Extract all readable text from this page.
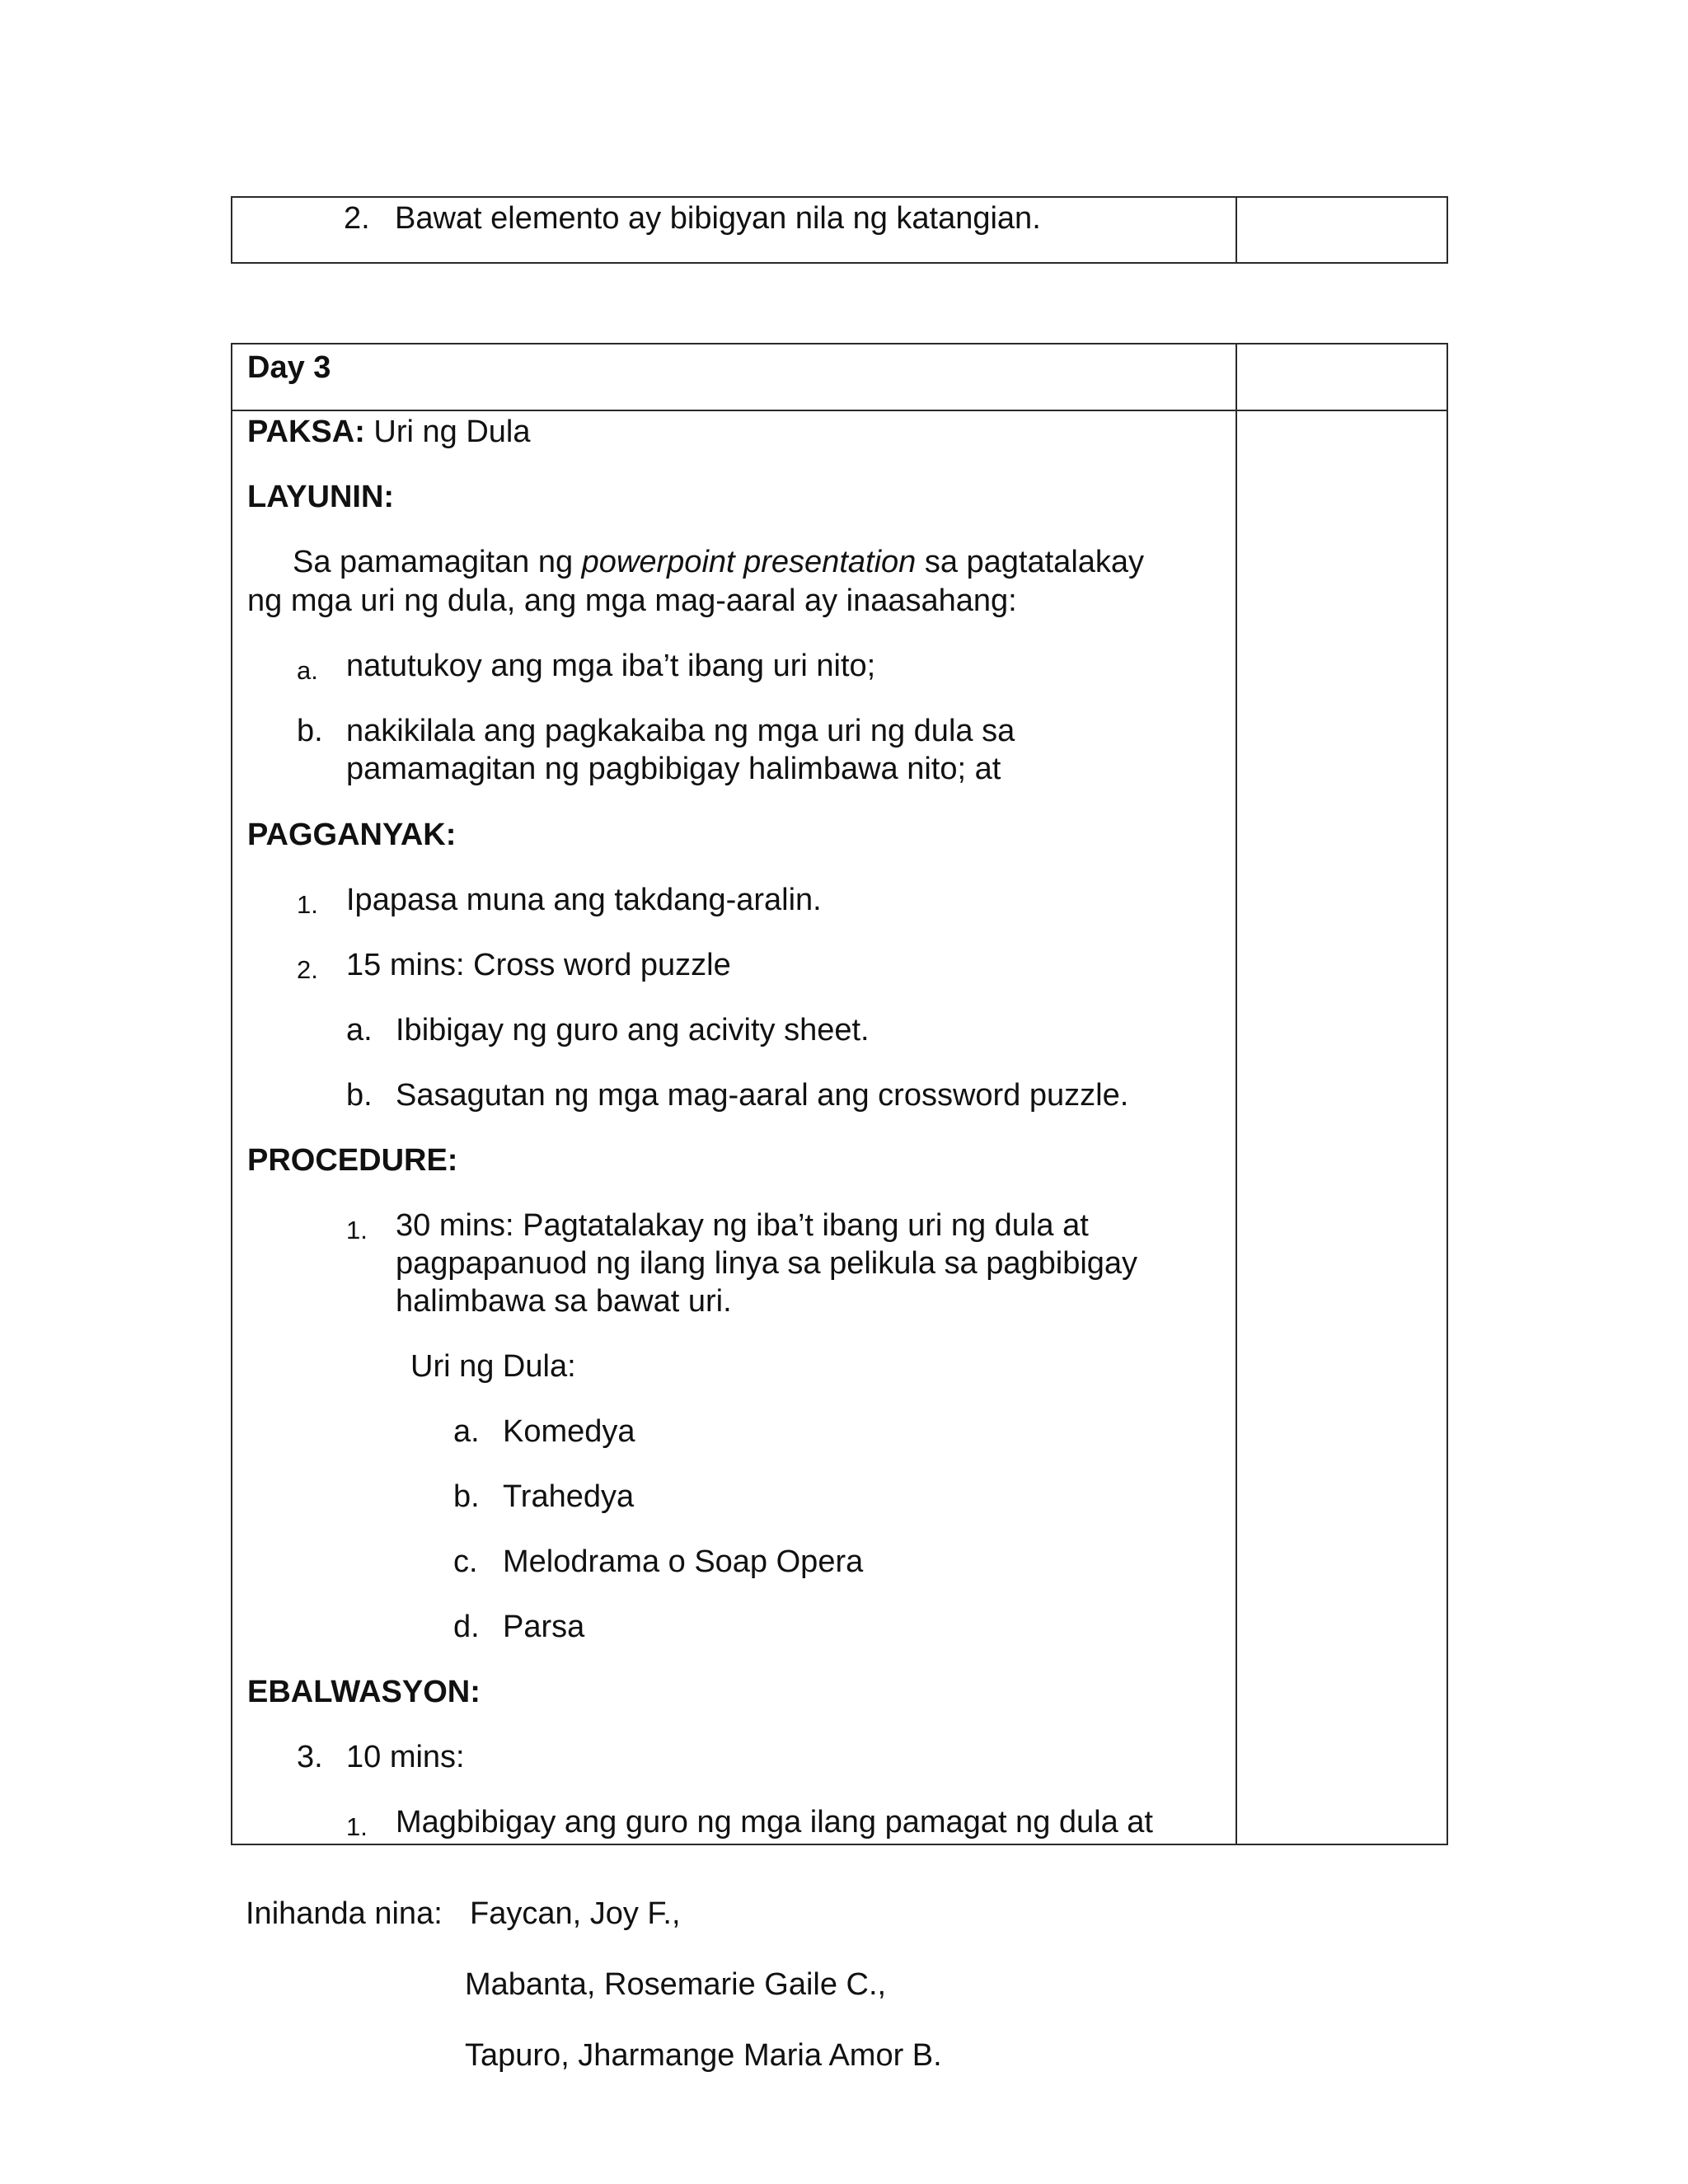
2. Bawat elemento ay bibigyan nila ng katangian.
Day 3
PAKSA: Uri ng Dula
LAYUNIN:
Sa pamamagitan ng powerpoint presentation sa pagtatalakay
ng mga uri ng dula, ang mga mag-aaral ay inaasahang:
a. natutukoy ang mga iba’t ibang uri nito;
b. nakikilala ang pagkakaiba ng mga uri ng dula sa
pamamagitan ng pagbibigay halimbawa nito; at
PAGGANYAK:
1. Ipapasa muna ang takdang-aralin.
2. 15 mins: Cross word puzzle
a. Ibibigay ng guro ang acivity sheet.
b. Sasagutan ng mga mag-aaral ang crossword puzzle.
PROCEDURE:
1. 30 mins: Pagtatalakay ng iba’t ibang uri ng dula at
pagpapanuod ng ilang linya sa pelikula sa pagbibigay
halimbawa sa bawat uri.
Uri ng Dula:
a. Komedya
b. Trahedya
c. Melodrama o Soap Opera
d. Parsa
EBALWASYON:
3. 10 mins:
1. Magbibigay ang guro ng mga ilang pamagat ng dula at
Inihanda nina: Faycan, Joy F.,
Mabanta, Rosemarie Gaile C.,
Tapuro, Jharmange Maria Amor B.
